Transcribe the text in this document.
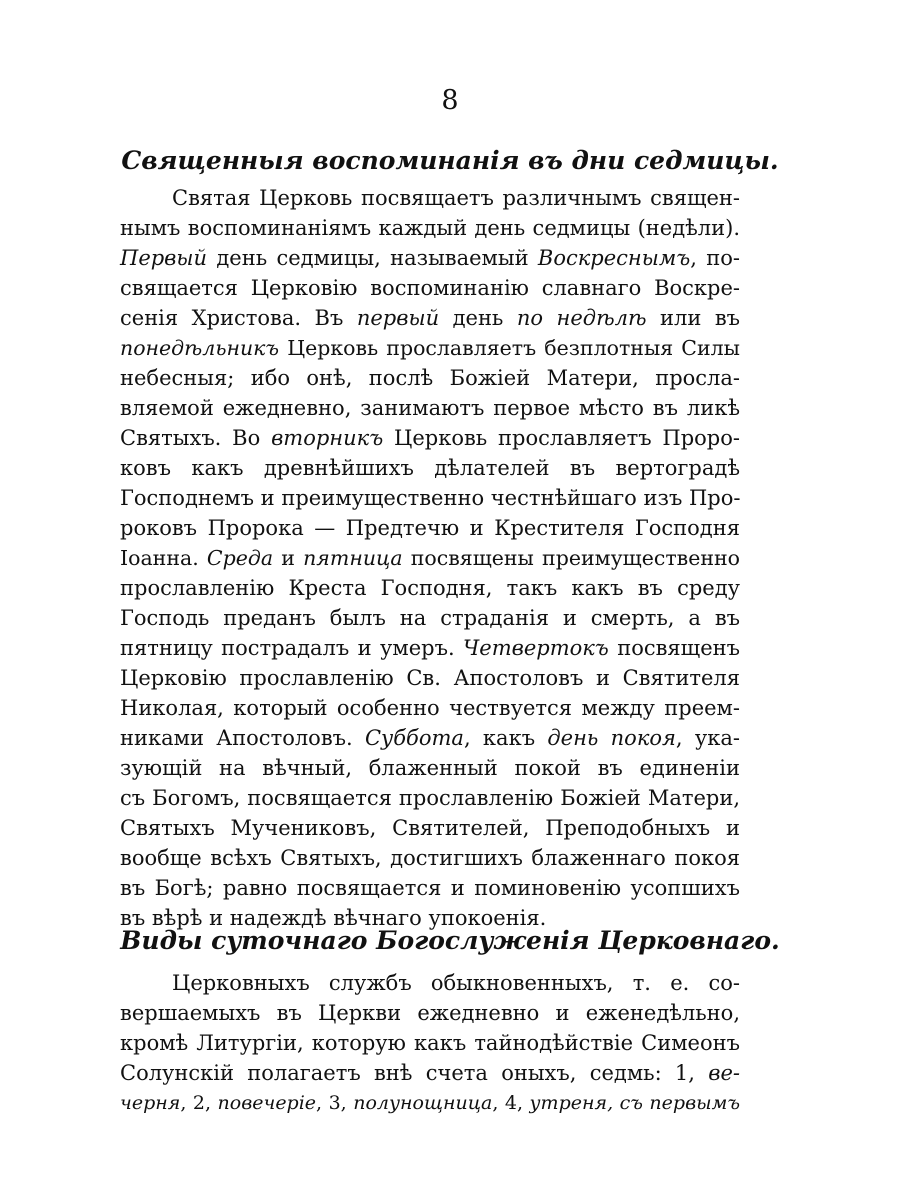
8
Священныя воспоминанія въ дни седмицы.
Святая Церковь посвящаетъ различнымъ священ-
нымъ воспоминаніямъ каждый день седмицы (недѣли).
Первый день седмицы, называемый Воскреснымъ, по-
свящается Церковію воспоминанію славнаго Воскре-
сенія Христова. Въ первый день по недѣлѣ или въ
понедѣльникъ Церковь прославляетъ безплотныя Силы
небесныя; ибо онѣ, послѣ Божіей Матери, просла-
вляемой ежедневно, занимаютъ первое мѣсто въ ликѣ
Святыхъ. Во вторникъ Церковь прославляетъ Проро-
ковъ какъ древнѣйшихъ дѣлателей въ вертоградѣ
Господнемъ и преимущественно честнѣйшаго изъ Про-
роковъ Пророка — Предтечю и Крестителя Господня
Іоанна. Среда и пятница посвящены преимущественно
прославленію Креста Господня, такъ какъ въ среду
Господь преданъ былъ на страданія и смерть, а въ
пятницу пострадалъ и умеръ. Четвертокъ посвященъ
Церковію прославленію Св. Апостоловъ и Святителя
Николая, который особенно чествуется между преем-
никами Апостоловъ. Суббота, какъ день покоя, ука-
зующій на вѣчный, блаженный покой въ единеніи
съ Богомъ, посвящается прославленію Божіей Матери,
Святыхъ Мучениковъ, Святителей, Преподобныхъ и
вообще всѣхъ Святыхъ, достигшихъ блаженнаго покоя
въ Богѣ; равно посвящается и поминовенію усопшихъ
въ вѣрѣ и надеждѣ вѣчнаго упокоенія.
Виды суточнаго Богослуженія Церковнаго.
Церковныхъ службъ обыкновенныхъ, т. е. со-
вершаемыхъ въ Церкви ежедневно и еженедѣльно,
кромѣ Литургіи, которую какъ тайнодѣйствіе Симеонъ
Солунскій полагаетъ внѣ счета оныхъ, седмь: 1, ве-
черня, 2, повечеріе, 3, полунощница, 4, утреня, съ первымъ
